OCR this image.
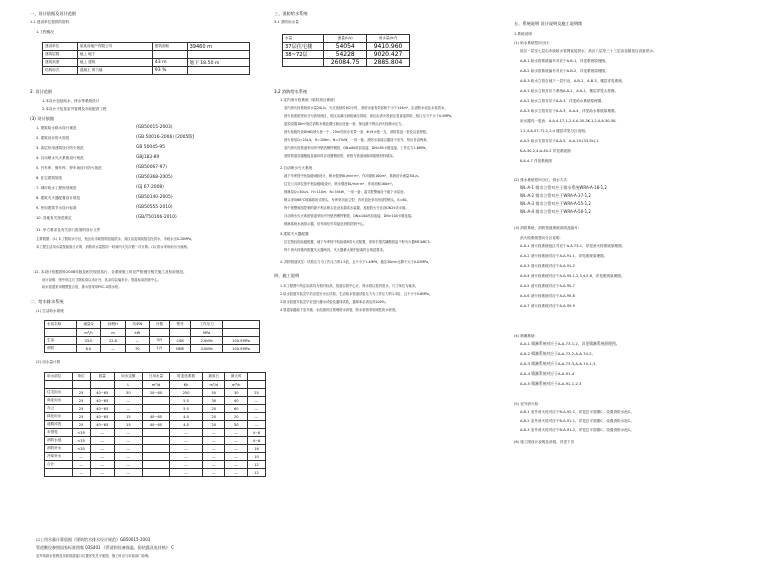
一、设计依据及设计范围
1.1 建设单位提供的资料
1.工程概况
建设单位	某某房地产有限公司	建筑面积	39460 m
建筑层数	地上 地下		
建筑高度	地上 建筑	43 m	地下 18.50 m
结构形式	混凝土 剪力墙	93 %	
2. 设计范围
1.本设计包括给水、排水等系统设计
2.本设计不包括室外管网及市政配套工程
(3) 设计依据
1. 建筑给水排水设计规范	(GB50015-2003)
2. 建筑设计防火规范	(GB 50016-2006) [2005版]
3. 高层民用建筑设计防火规范	GB 50045-95
4. 自动喷水灭火系统设计规范	GBJ183-89
5. 汽车库、修车库、停车场设计防火规范	(GB50067-97)
6. 住宅建筑规范	(GB50368-2005)
7. 城市给水工程规划规范	(GJ 67-2008)
8. 建筑灭火器配置设计规范	(GB50140-2005)
9. 民用建筑节水设计标准	(GB50555-2010)
10. 其他有关规范规定	(GB/T50106-2010)
11. 甲方要求及有关部门批准的设计文件
主要数据：(1) 本工程给水分区，低区由市政管网直接供水，高区由变频泵组加压供水，市政水压0.20MPa。
本工程生活用水量按最高日计算，消防用水量按同一时间内火灾次数一次计算。(2) 排水采用雨污分流制。
12. 本设计依据国家2008年版及相关规范执行，各系统施工时应严格遵守相关施工及验收规范。
设计说明：图中所注尺寸除标高以米计外，其余均以毫米计。管道标高指管中心。
给水管道采用钢塑复合管，排水管采用PVC-U排水管。
二、给水排水系统
(1) 生活给水系统
水泵名称	流量Q	扬程H	功率N	台数	型号	工作压力	
	m³/h	m	kW			MPa	
生活	33.0	22.8	—	3台	CSB	2.0kPa	100.5MPa
消防	6.0	—	70	1台	NME	3.0kPa	100.5MPa
(2) 用水量计算
用水部位	单位	数量	用水定额	日用水量	时变化系数	最高日	最大时	
			L	m³/d	Kh	m³/d	m³/h	
住宅用水	25	40~65	30	20~60	250	50	30	25
商业用水	25	40~65	—		5.0	30	40	—
办公	25	40~65	—		5.0	20	60	—
绿化用水	25	40~65	15	40~65	4.0	20	20	—
道路冲洗	25	40~65	15	40~65	4.0	20	30	—
未预见	<35	—	—		—	—	—	4~6
消防水池	<35	—	—		—	—	—	4~6
消防补水	<30	—	—		—	—	—	16
冷却补水	—	—	—		—	—	—	10
合计	—	—	—		—	—	—	12
	—	—	—		—	—	—	12
以上用水量计算依据《建筑给水排水设计规范》GB50015-2003
管道敷设参照国家标准图集 03S401 《管道和设备保温、防结露及电伴热》 C
室外给排水管网及市政管道接口位置详见总平面图，施工时应与市政部门协调。
三、消防给水系统
3.1 消防用水量
水量	流量(L/s)	用水量(m³)
37层住宅楼	54054	9410.960
38~72层	54228	9020.427
	26084.75	2885.804
3.2 消防给水系统
1.室内消火栓系统（临时高压系统）
室内消火栓系统用水量20L/s，火灾延续时间2小时，消防水池有效容积不小于144m³，由消防水池及水泵供水。
消火栓系统竖向分为高低两区，低区由减压阀组减压供给，高区由消火栓加压泵直接供给，栓口压力不大于0.5MPa。
屋顶设置18m³高位消防水箱及增压稳压设备一套，保证最不利点消火栓静水压力。
消火栓箱内设DN65消火栓一个，25m衬胶水龙带一条，Φ19水枪一支，消防卷盘一套及启泵按钮。
消火栓泵Q=20L/s，H=108m，N=37kW，一用一备；消防水泵接合器设于室外，每区各设两套。
室内消火栓管道采用内外壁热镀锌钢管，DN≤80丝扣连接，DN>80卡箍连接，工作压力1.6MPa。
消防管道穿越楼板及墙体时应设置钢套管，套管与管道间隙用阻燃材料填实。
2.自动喷水灭火系统
地下车库按中危险级II级设计，喷水强度8L/min·m²，作用面积160m²，系统设计流量30L/s。
住宅公共部位按中危险级I级设计，喷水强度6L/min·m²，作用面积160m²。
喷淋泵Q=30L/s，H=110m，N=55kW，一用一备；湿式报警阀设于地下水泵房。
喷头采用68℃玻璃球闭式喷头，车库采用直立型，有吊顶处采用吊顶型喷头，K=80。
每个报警阀组控制的最不利点喷头处设末端试水装置，其他防火分区设DN25试水阀。
自动喷水灭火系统管道采用内外壁热镀锌钢管，DN≤100丝扣连接，DN>100卡箍连接。
喷淋系统水流指示器、信号阀信号均接至消防控制中心。
3.建筑灭火器配置
住宅按轻危险级配置，地下车库按中危险级B类火灾配置，采用手提式磷酸铵盐干粉灭火器MF/ABC3。
每个消火栓箱内配置灭火器两具，灭火器最大保护距离符合规范要求。
4. 消防管道试压：试验压力为工作压力的1.5倍，且不小于1.4MPa，稳压30min压降不大于0.05MPa。
四、施工说明
1.本工程图中所注标高均为相对标高，管道以管中心计，排水管以管内底计。尺寸单位为毫米。
2.给水管道安装完毕后应进行水压试验，生活给水管道试验压力为工作压力的1.5倍，且不小于0.6MPa。
3.排水管道安装完毕应进行灌水试验及通球试验，通球率必须达到100%。
4.管道穿越地下室外墙、水池壁时应预埋防水套管，防水套管采用刚性防水套管。
五、系统说明 设计说明及施工说明续
1.系统说明
(1) 给水系统竖向分区：
低区一层至七层由市政给水管网直接供水，高区八层至三十三层由变频加压设备供水。
A-B-1 给水管系统编号对应于A-B-1，详见系统原理图。
A-B-2 给水管系统编号对应于A-B-2，详见系统原理图。
A-B-3 给水立管自地下一层引出，A-B-2，A-B-3，楼层详见系统。
A-A-1 给水立管对应于系统A-A-2，A-A-1，楼层详见大样图。
A-A-2 给水立管对应于A-A-3，详见给水系统原理图。
A-A-3 给水立管对应于A-A-3，A-A-4，详见给水系统原理图。
用水器具一览表：A-A-4-17-1,2,4-A-30-3K-1,2,4-A-30-5K-
1,2,4-A-57-72-1,2,4 楼层详见分区说明。
A-A-5 给水支管对应于A-A-5，A-A-19-(33,5k)-1
K-A-30-2,4-A-40-2 详见系统图
K-A-4-7 详见系统图
(2) 排水系统竖向分区，排水方式：
WL-A-1 排水立管对应于排水系统WRA-A-18-1,2
WL-A-2 排水立管对应于WRA-A-37-1,2
WL-A-3 排水立管对应于WRA-A-55-1,2
WL-A-4 排水立管对应于WRA-A-56-1,2
(3) 消防系统，消防管道系统说明及编号:
消火栓系统竖向分区说明：
A-A-1 消火栓系统低区对应于A-A-73-1，详见消火栓系统原理图。
A-A-2 消火栓系统对应于A-A-91-1，详见系统原理图。
A-A-3 消火栓系统对应于A-A-91-2
A-A-4 消火栓系统对应于A-A-95-1,2,3,4,5,6，详见系统原理图。
A-A-5 消火栓系统对应于A-A-95-7
A-A-6 消火栓系统对应于A-A-95-8
A-A-7 消火栓系统对应于A-A-95-9
(4) 喷淋系统：
A-A-1 喷淋系统对应于A-A-73-1,2，详见喷淋系统原理图。
A-A-2 喷淋系统对应于A-A-73-2,A-A-74-2,
A-A-3 喷淋系统对应于A-A-73-3,A-A-74-1,3,
A-A-4 喷淋系统对应于A-A-91-4
A-A-5 喷淋系统对应于A-A-91-1,2,3
(5) 室外消火栓：
A-B-1 室外消火栓对应于B-A-92-1，详见总平面图C，设置消防水池C。
A-B-2 室外消火栓对应于B-A-91-1，详见总平面图C，设置消防水池C。
A-B-3 室外消火栓对应于B-A-91-2，详见总平面图C，设置消防水池C。
(6) 施工图设计说明及说明，详见下页
